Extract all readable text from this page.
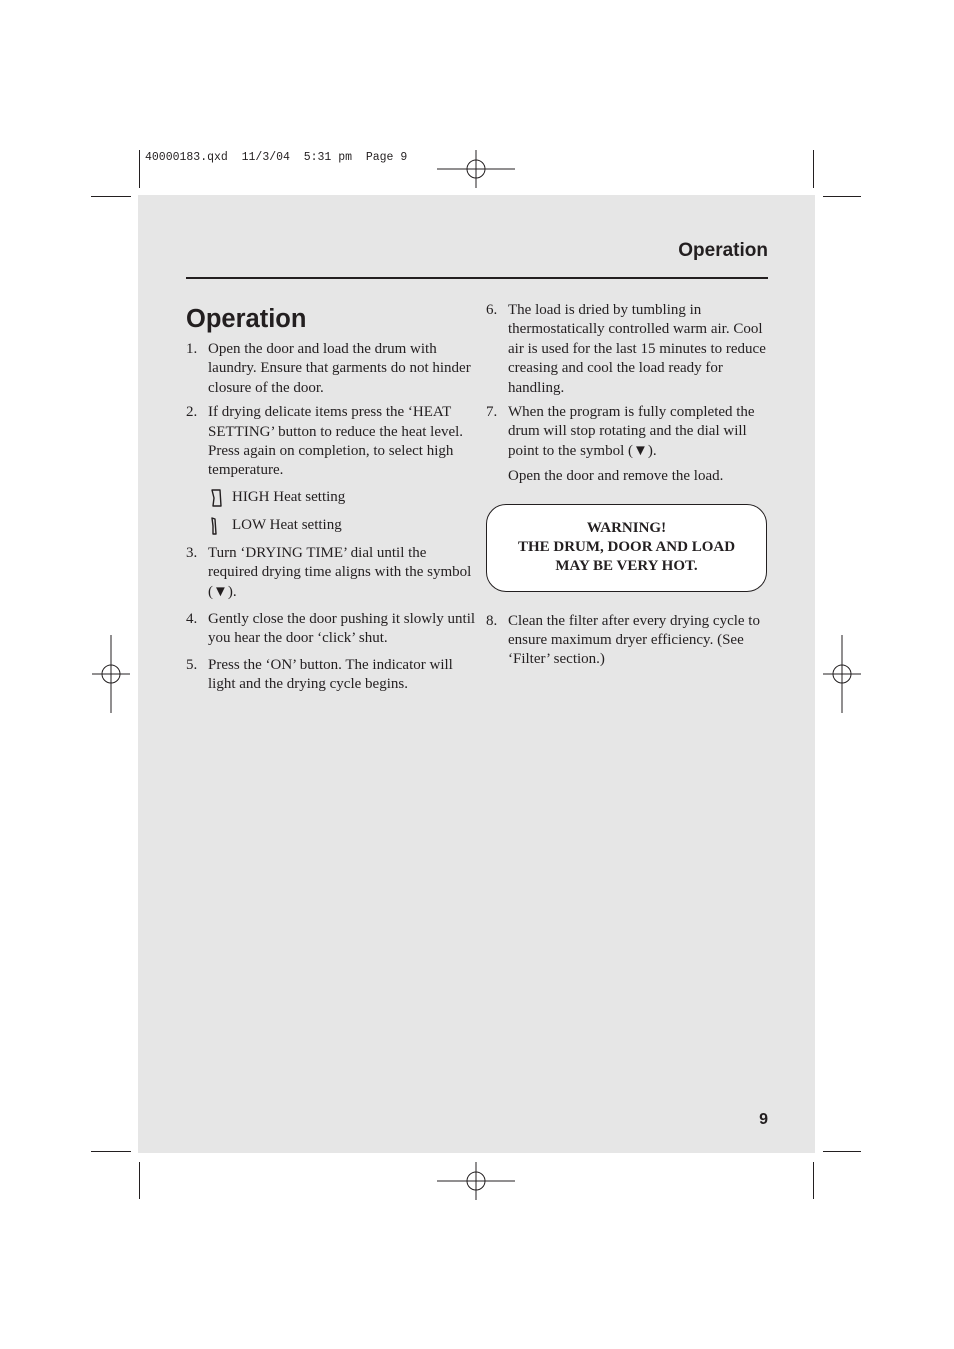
40000183.qxd  11/3/04  5:31 pm  Page 9
Operation
Operation
1. Open the door and load the drum with laundry. Ensure that garments do not hinder closure of the door.
2. If drying delicate items press the ‘HEAT SETTING’ button to reduce the heat level. Press again on completion, to select high temperature.
HIGH Heat setting
LOW Heat setting
3. Turn ‘DRYING TIME’ dial until the required drying time aligns with the symbol (▼).
4. Gently close the door pushing it slowly until you hear the door ‘click’ shut.
5. Press the ‘ON’ button. The indicator will light and the drying cycle begins.
6. The load is dried by tumbling in thermostatically controlled warm air. Cool air is used for the last 15 minutes to reduce creasing and cool the load ready for handling.
7. When the program is fully completed the drum will stop rotating and the dial will point to the symbol (▼).
Open the door and remove the load.
WARNING!
THE DRUM, DOOR AND LOAD
MAY BE VERY HOT.
8. Clean the filter after every drying cycle to ensure maximum dryer efficiency. (See ‘Filter’ section.)
9
